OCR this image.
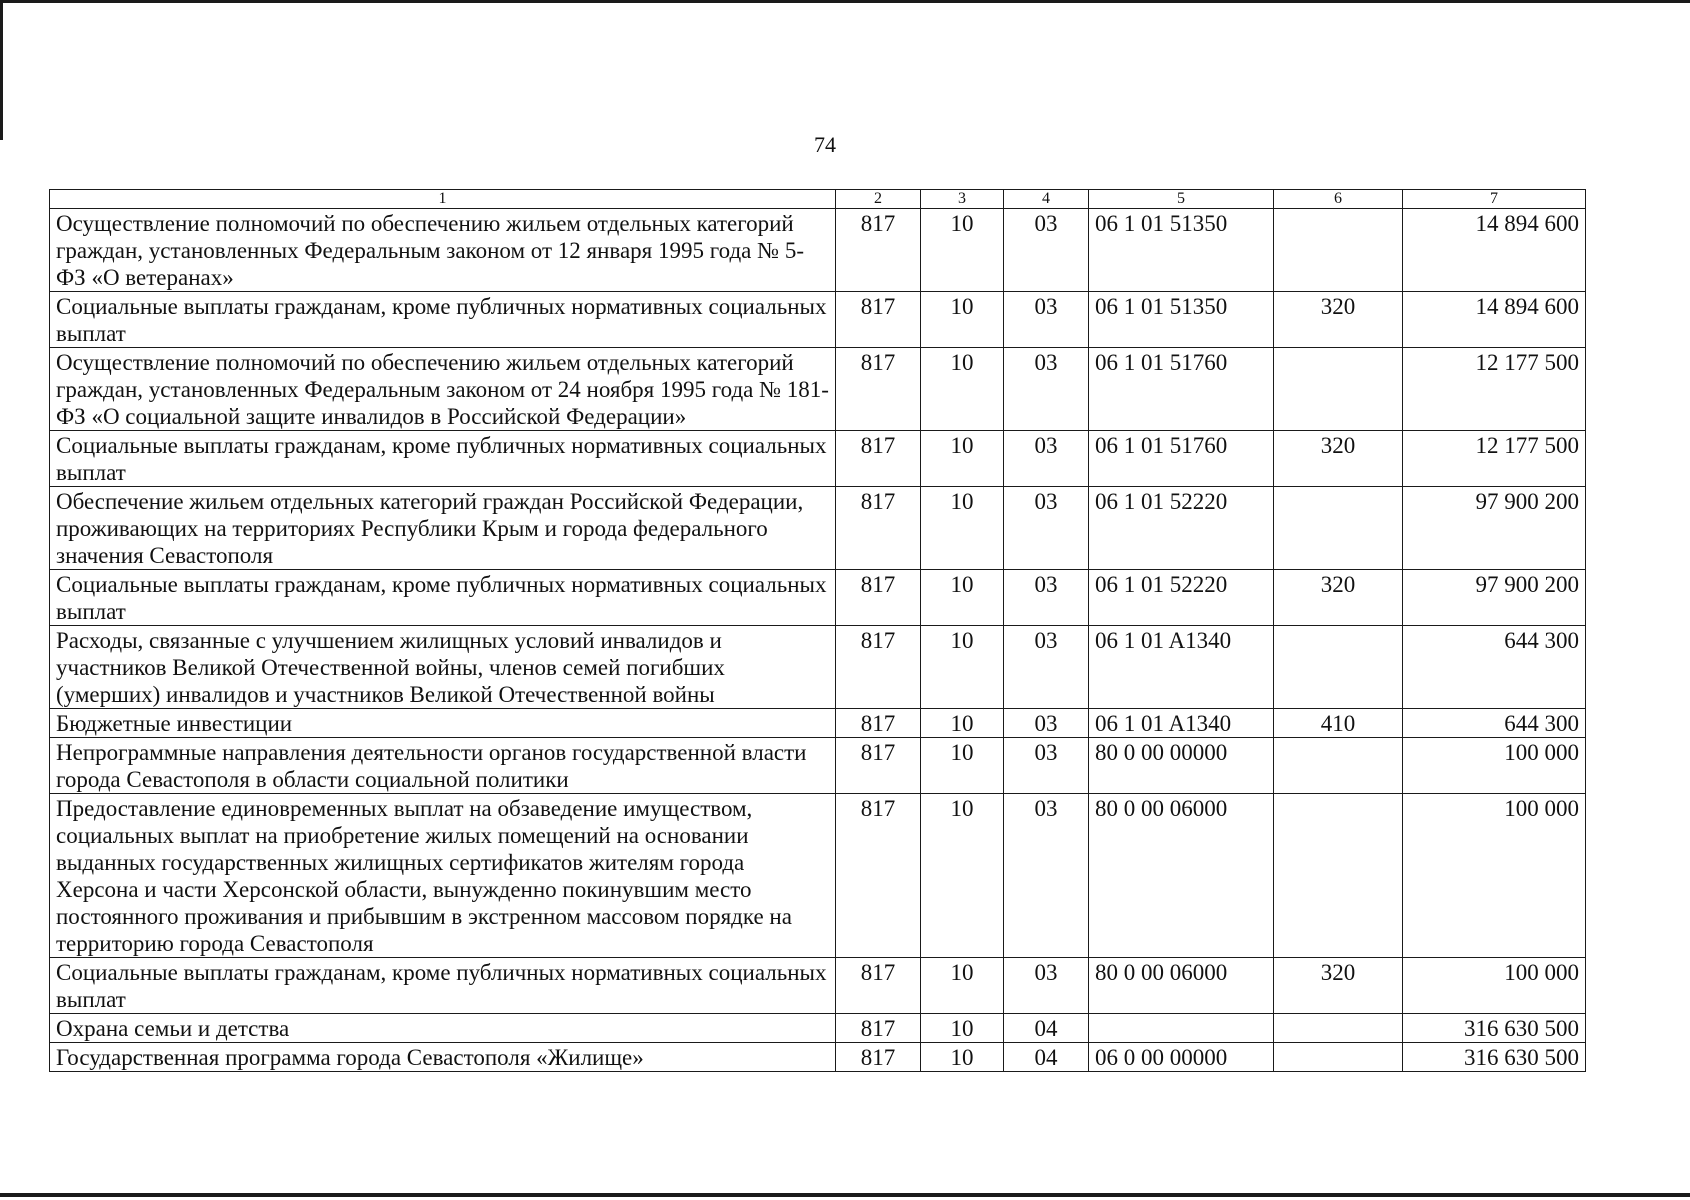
74
1	2	3	4	5	6	7
Осуществление полномочий по обеспечению жильем отдельных категорий граждан, установленных Федеральным законом от 12 января 1995 года № 5-ФЗ «О ветеранах»	817	10	03	06 1 01 51350		14 894 600
Социальные выплаты гражданам, кроме публичных нормативных социальных выплат	817	10	03	06 1 01 51350	320	14 894 600
Осуществление полномочий по обеспечению жильем отдельных категорий граждан, установленных Федеральным законом от 24 ноября 1995 года № 181-ФЗ «О социальной защите инвалидов в Российской Федерации»	817	10	03	06 1 01 51760		12 177 500
Социальные выплаты гражданам, кроме публичных нормативных социальных выплат	817	10	03	06 1 01 51760	320	12 177 500
Обеспечение жильем отдельных категорий граждан Российской Федерации, проживающих на территориях Республики Крым и города федерального значения Севастополя	817	10	03	06 1 01 52220		97 900 200
Социальные выплаты гражданам, кроме публичных нормативных социальных выплат	817	10	03	06 1 01 52220	320	97 900 200
Расходы, связанные с улучшением жилищных условий инвалидов и участников Великой Отечественной войны, членов семей погибших (умерших) инвалидов и участников Великой Отечественной войны	817	10	03	06 1 01 A1340		644 300
Бюджетные инвестиции	817	10	03	06 1 01 A1340	410	644 300
Непрограммные направления деятельности органов государственной власти города Севастополя в области социальной политики	817	10	03	80 0 00 00000		100 000
Предоставление единовременных выплат на обзаведение имуществом, социальных выплат на приобретение жилых помещений на основании выданных государственных жилищных сертификатов жителям города Херсона и части Херсонской области, вынужденно покинувшим место постоянного проживания и прибывшим в экстренном массовом порядке на территорию города Севастополя	817	10	03	80 0 00 06000		100 000
Социальные выплаты гражданам, кроме публичных нормативных социальных выплат	817	10	03	80 0 00 06000	320	100 000
Охрана семьи и детства	817	10	04			316 630 500
Государственная программа города Севастополя «Жилище»	817	10	04	06 0 00 00000		316 630 500
